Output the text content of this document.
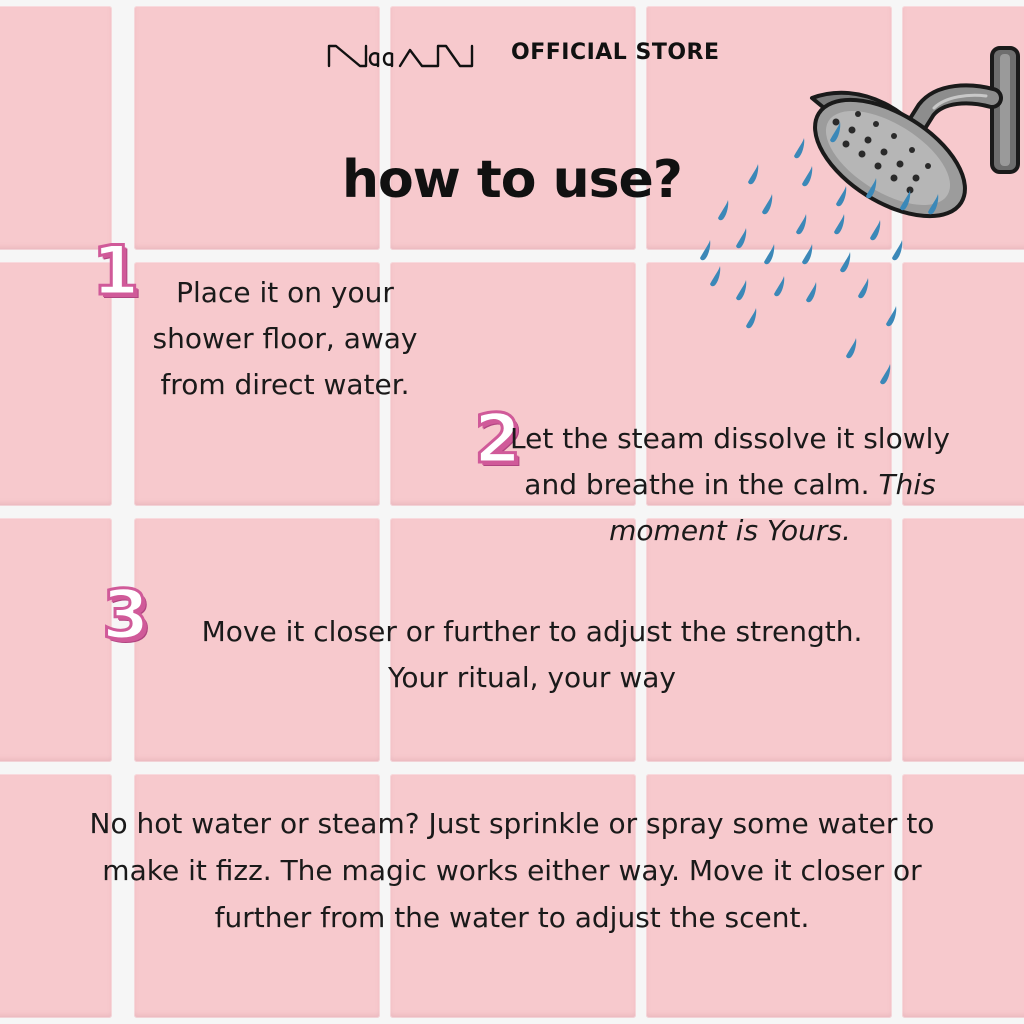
OFFICIAL STORE
how to use?
1	Place it on your shower floor, away from direct water.
2
Let the steam dissolve it slowly and breathe in the calm. This moment is Yours.
3	Move it closer or further to adjust the strength.
Your ritual, your way
No hot water or steam? Just sprinkle or spray some water to make it fizz. The magic works either way. Move it closer or further from the water to adjust the scent.
